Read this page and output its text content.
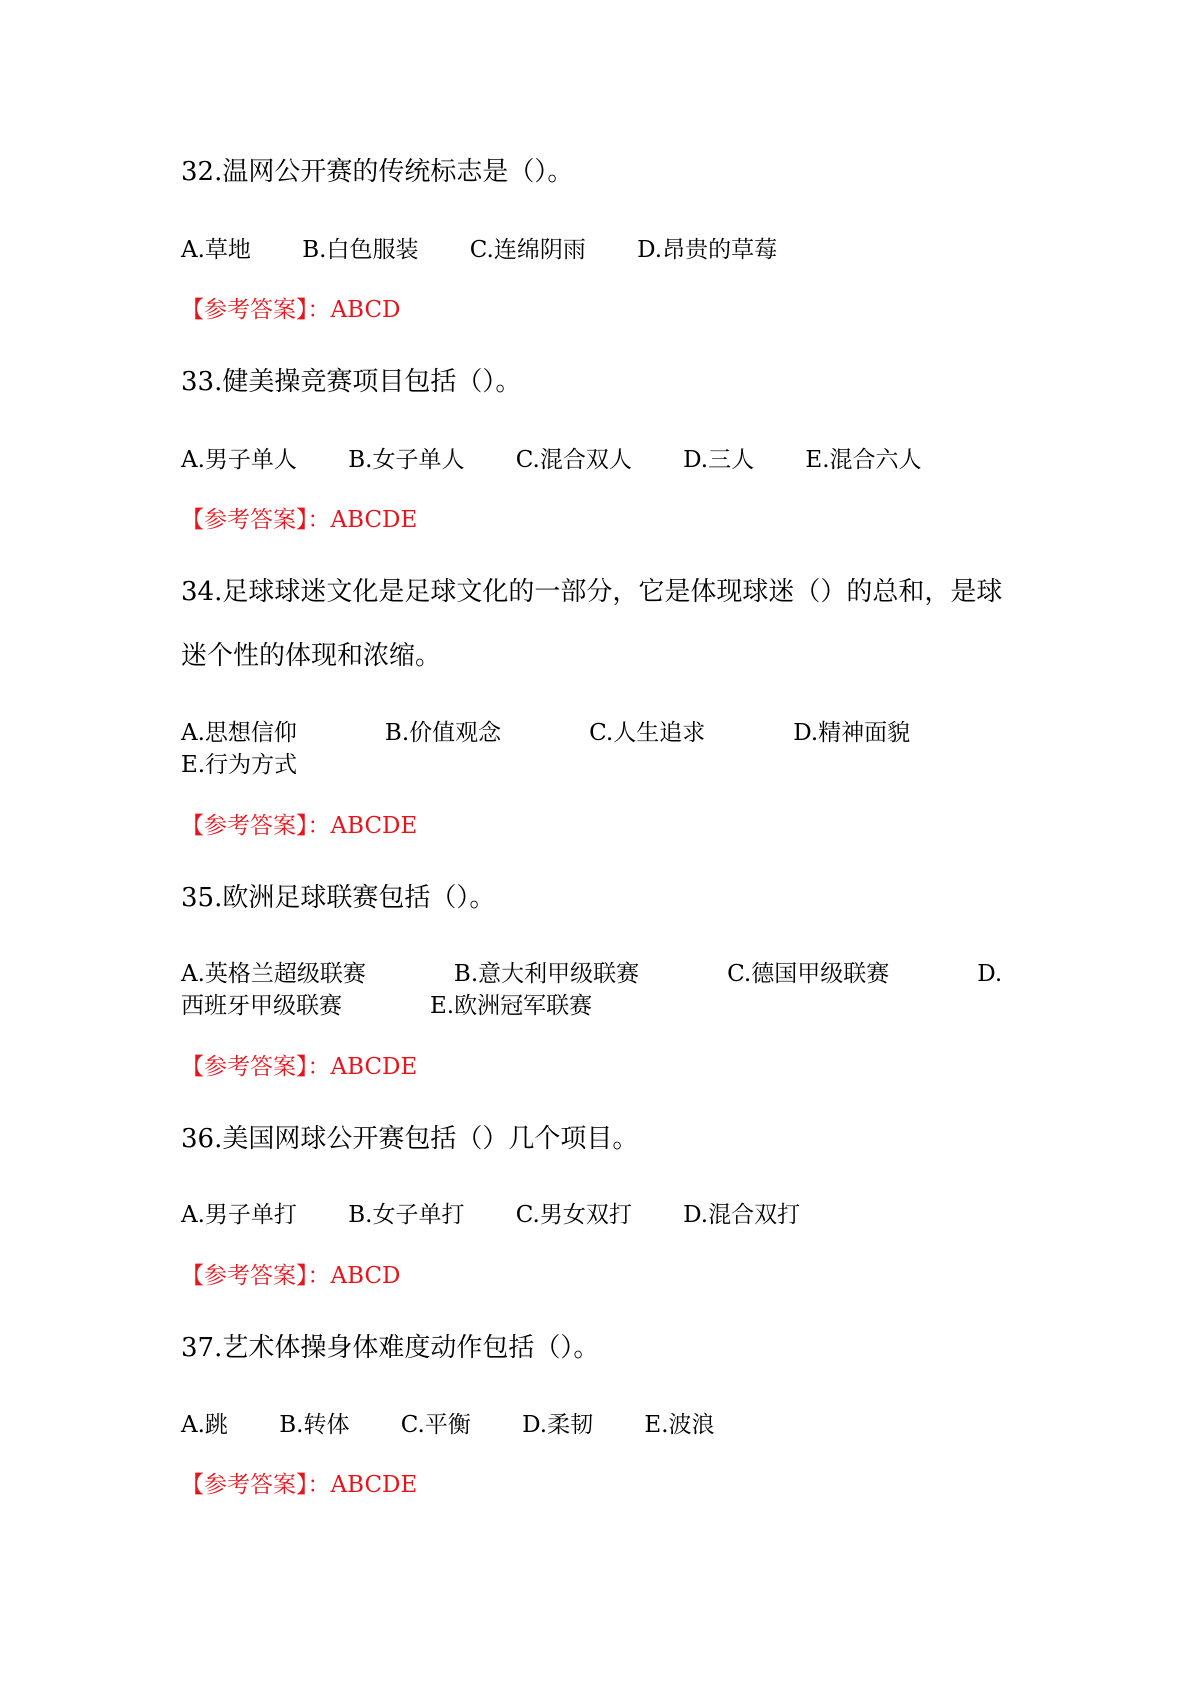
32.温网公开赛的传统标志是（）。
A.草地 B.白色服装 C.连绵阴雨 D.昂贵的草莓
【参考答案】：ABCD
33.健美操竞赛项目包括（）。
A.男子单人 B.女子单人 C.混合双人 D.三人 E.混合六人
【参考答案】：ABCDE
34.足球球迷文化是足球文化的一部分，它是体现球迷（）的总和，是球迷个性的体现和浓缩。
A.思想信仰	B.价值观念	C.人生追求	D.精神面貌E.行为方式
【参考答案】：ABCDE
35.欧洲足球联赛包括（）。
A.英格兰超级联赛	B.意大利甲级联赛	C.德国甲级联赛	D.西班牙甲级联赛	E.欧洲冠军联赛
【参考答案】：ABCDE
36.美国网球公开赛包括（）几个项目。
A.男子单打 B.女子单打 C.男女双打 D.混合双打
【参考答案】：ABCD
37.艺术体操身体难度动作包括（）。
A.跳 B.转体 C.平衡 D.柔韧 E.波浪
【参考答案】：ABCDE
